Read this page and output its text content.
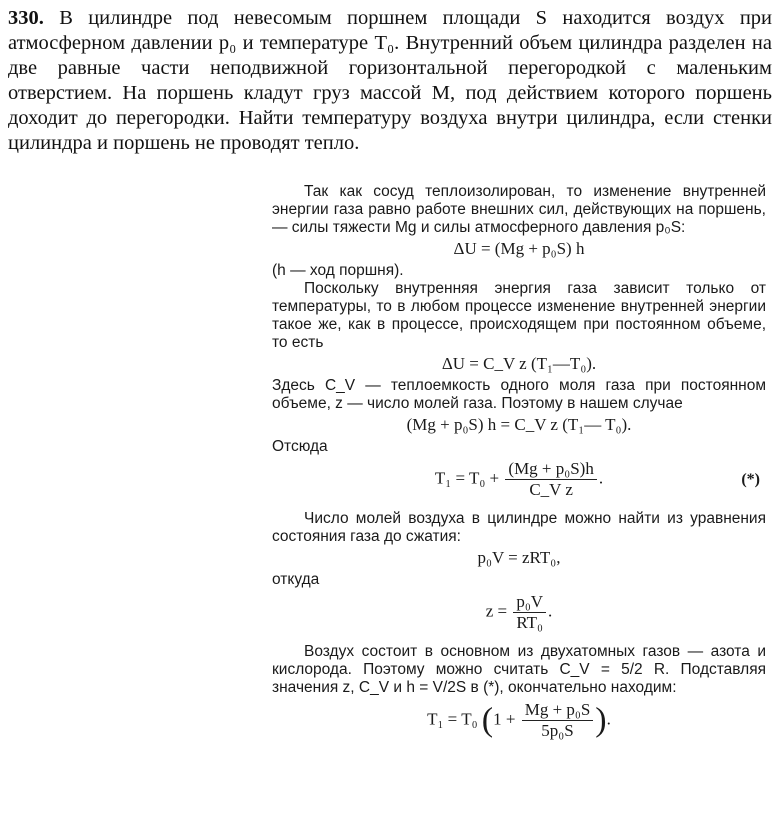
330. В цилиндре под невесомым поршнем площади S находится воздух при атмосферном давлении p₀ и температуре T₀. Внутренний объем цилиндра разделен на две равные части неподвижной горизонтальной перегородкой с маленьким отверстием. На поршень кладут груз массой M, под действием которого поршень доходит до перегородки. Найти температуру воздуха внутри цилиндра, если стенки цилиндра и поршень не проводят тепло.

Так как сосуд теплоизолирован, то изменение внутренней энергии газа равно работе внешних сил, действующих на поршень,— силы тяжести Mg и силы атмосферного давления p₀S:

ΔU = (Mg + p₀S) h

(h — ход поршня).

Поскольку внутренняя энергия газа зависит только от температуры, то в любом процессе изменение внутренней энергии такое же, как в процессе, происходящем при постоянном объеме, то есть

ΔU = C_V z (T₁—T₀).

Здесь C_V — теплоемкость одного моля газа при постоянном объеме, z — число молей газа. Поэтому в нашем случае

(Mg + p₀S) h = C_V z (T₁— T₀).

Отсюда

$T_1 = T_0 + \frac{\text{(Mg + p₀S)h}}{\text{C\_V z}}$ .	(*)

Число молей воздуха в цилиндре можно найти из уравнения состояния газа до сжатия:

p₀V = zRT₀,

откуда

$z = \frac{\text{p₀V}}{\text{RT₀}}$ .

Воздух состоит в основном из двухатомных газов — азота и кислорода. Поэтому можно считать C_V = 5/2 R. Подставляя значения z, C_V и h = V/2S в (*), окончательно находим:

T₁ = T₀ ($1 + \frac{\text{Mg + p₀S}}{\text{5p₀S}}$ ).
